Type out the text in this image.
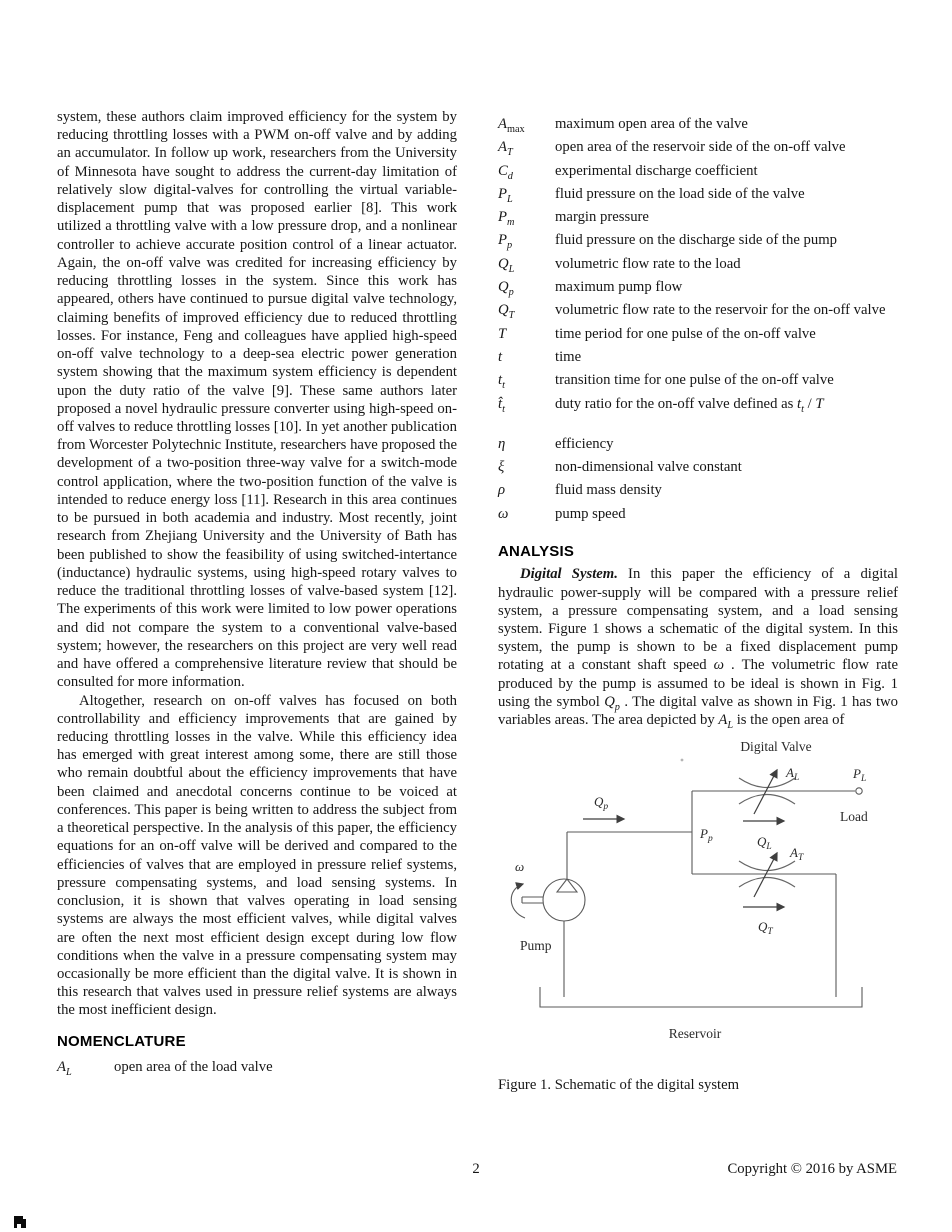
system, these authors claim improved efficiency for the system by reducing throttling losses with a PWM on-off valve and by adding an accumulator. In follow up work, researchers from the University of Minnesota have sought to address the current-day limitation of relatively slow digital-valves for controlling the virtual variable-displacement pump that was proposed earlier [8]. This work utilized a throttling valve with a low pressure drop, and a nonlinear controller to achieve accurate position control of a linear actuator. Again, the on-off valve was credited for increasing efficiency by reducing throttling losses in the system. Since this work has appeared, others have continued to pursue digital valve technology, claiming benefits of improved efficiency due to reduced throttling losses. For instance, Feng and colleagues have applied high-speed on-off valve technology to a deep-sea electric power generation system showing that the maximum system efficiency is dependent upon the duty ratio of the valve [9]. These same authors later proposed a novel hydraulic pressure converter using high-speed on-off valves to reduce throttling losses [10]. In yet another publication from Worcester Polytechnic Institute, researchers have proposed the development of a two-position three-way valve for a switch-mode control application, where the two-position function of the valve is intended to reduce energy loss [11]. Research in this area continues to be pursued in both academia and industry. Most recently, joint research from Zhejiang University and the University of Bath has been published to show the feasibility of using switched-intertance (inductance) hydraulic systems, using high-speed rotary valves to reduce the traditional throttling losses of valve-based system [12]. The experiments of this work were limited to low power operations and did not compare the system to a conventional valve-based system; however, the researchers on this project are very well read and have offered a comprehensive literature review that should be consulted for more information.

Altogether, research on on-off valves has focused on both controllability and efficiency improvements that are gained by reducing throttling losses in the valve. While this efficiency idea has emerged with great interest among some, there are still those who remain doubtful about the efficiency improvements that have been claimed and anecdotal concerns continue to be voiced at conferences. This paper is being written to address the subject from a theoretical perspective. In the analysis of this paper, the efficiency equations for an on-off valve will be derived and compared to the efficiencies of valves that are employed in pressure relief systems, pressure compensating systems, and load sensing systems. In conclusion, it is shown that valves operating in load sensing systems are always the most efficient valves, while digital valves are often the next most efficient design except during low flow conditions when the valve in a pressure compensating system may occasionally be more efficient than the digital valve. It is shown in this research that valves used in pressure relief systems are always the most inefficient design.

NOMENCLATURE
$A_L$	open area of the load valve
$A_{max}$	maximum open area of the valve
$A_T$	open area of the reservoir side of the on-off valve
$C_d$	experimental discharge coefficient
$P_L$	fluid pressure on the load side of the valve
$P_m$	margin pressure
$P_p$	fluid pressure on the discharge side of the pump
$Q_L$	volumetric flow rate to the load
$Q_p$	maximum pump flow
$Q_T$	volumetric flow rate to the reservoir for the on-off valve
T	time period for one pulse of the on-off valve
t	time
$t_t$	transition time for one pulse of the on-off valve
$t̂_t$	duty ratio for the on-off valve defined as $t_t$ / T
η	efficiency
ξ	non-dimensional valve constant
ρ	fluid mass density
ω	pump speed
ANALYSIS

Digital System. In this paper the efficiency of a digital hydraulic power-supply will be compared with a pressure relief system, a pressure compensating system, and a load sensing system. Figure 1 shows a schematic of the digital system. In this system, the pump is shown to be a fixed displacement pump rotating at a constant shaft speed ω . The volumetric flow rate produced by the pump is assumed to be ideal is shown in Fig. 1 using the symbol $Q_p$ . The digital valve as shown in Fig. 1 has two variables areas. The area depicted by $A_L$ is the open area of

Digital Valve
ω
Pump
$Q_p$
$P_p$
$A_L$	$P_L$
$Q_L$ $A_T$
$Q_T$
Load
Reservoir
Figure 1. Schematic of the digital system
2	Copyright © 2016 by ASME
